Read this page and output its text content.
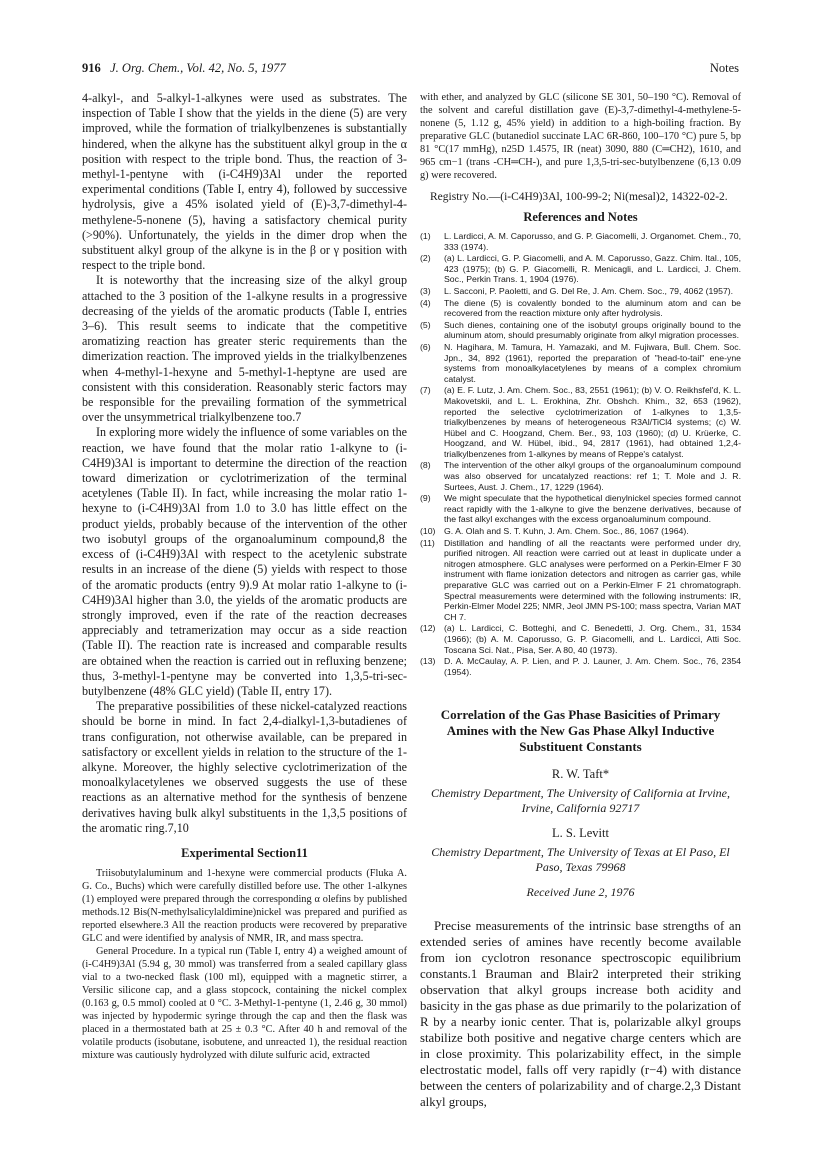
916 J. Org. Chem., Vol. 42, No. 5, 1977	Notes

4-alkyl-, and 5-alkyl-1-alkynes were used as substrates. The inspection of Table I show that the yields in the diene (5) are very improved, while the formation of trialkylbenzenes is substantially hindered, when the alkyne has the substituent alkyl group in the α position with respect to the triple bond. Thus, the reaction of 3-methyl-1-pentyne with (i-C4H9)3Al under the reported experimental conditions (Table I, entry 4), followed by successive hydrolysis, give a 45% isolated yield of (E)-3,7-dimethyl-4-methylene-5-nonene (5), having a satisfactory chemical purity (>90%). Unfortunately, the yields in the dimer drop when the substituent alkyl group of the alkyne is in the β or γ position with respect to the triple bond.

It is noteworthy that the increasing size of the alkyl group attached to the 3 position of the 1-alkyne results in a progressive decreasing of the yields of the aromatic products (Table I, entries 3–6). This result seems to indicate that the competitive aromatizing reaction has greater steric requirements than the dimerization reaction. The improved yields in the trialkylbenzenes when 4-methyl-1-hexyne and 5-methyl-1-heptyne are used are consistent with this consideration. Reasonably steric factors may be responsible for the prevailing formation of the symmetrical over the unsymmetrical trialkylbenzene too.7

In exploring more widely the influence of some variables on the reaction, we have found that the molar ratio 1-alkyne to (i-C4H9)3Al is important to determine the direction of the reaction toward dimerization or cyclotrimerization of the terminal acetylenes (Table II). In fact, while increasing the molar ratio 1-hexyne to (i-C4H9)3Al from 1.0 to 3.0 has little effect on the product yields, probably because of the intervention of the other two isobutyl groups of the organoaluminum compound,8 the excess of (i-C4H9)3Al with respect to the acetylenic substrate results in an increase of the diene (5) yields with respect to those of the aromatic products (entry 9).9 At molar ratio 1-alkyne to (i-C4H9)3Al higher than 3.0, the yields of the aromatic products are strongly improved, even if the rate of the reaction decreases appreciably and tetramerization may occur as a side reaction (Table II). The reaction rate is increased and comparable results are obtained when the reaction is carried out in refluxing benzene; thus, 3-methyl-1-pentyne may be converted into 1,3,5-tri-sec-butylbenzene (48% GLC yield) (Table II, entry 17).

The preparative possibilities of these nickel-catalyzed reactions should be borne in mind. In fact 2,4-dialkyl-1,3-butadienes of trans configuration, not otherwise available, can be prepared in satisfactory or excellent yields in relation to the structure of the 1-alkyne. Moreover, the highly selective cyclotrimerization of the monoalkylacetylenes we observed suggests the use of these reactions as an alternative method for the synthesis of benzene derivatives having bulk alkyl substituents in the 1,3,5 positions of the aromatic ring.7,10

Experimental Section11

Triisobutylaluminum and 1-hexyne were commercial products (Fluka A. G. Co., Buchs) which were carefully distilled before use. The other 1-alkynes (1) employed were prepared through the corresponding α olefins by published methods.12 Bis(N-methylsalicylaldimine)nickel was prepared and purified as reported elsewhere.3 All the reaction products were recovered by preparative GLC and were identified by analysis of NMR, IR, and mass spectra.

General Procedure. In a typical run (Table I, entry 4) a weighed amount of (i-C4H9)3Al (5.94 g, 30 mmol) was transferred from a sealed capillary glass vial to a two-necked flask (100 ml), equipped with a magnetic stirrer, a Versilic silicone cap, and a glass stopcock, containing the nickel complex (0.163 g, 0.5 mmol) cooled at 0 °C. 3-Methyl-1-pentyne (1, 2.46 g, 30 mmol) was injected by hypodermic syringe through the cap and then the flask was placed in a thermostated bath at 25 ± 0.3 °C. After 40 h and removal of the volatile products (isobutane, isobutene, and unreacted 1), the residual reaction mixture was cautiously hydrolyzed with dilute sulfuric acid, extracted

with ether, and analyzed by GLC (silicone SE 301, 50–190 °C). Removal of the solvent and careful distillation gave (E)-3,7-dimethyl-4-methylene-5-nonene (5, 1.12 g, 45% yield) in addition to a high-boiling fraction. By preparative GLC (butanediol succinate LAC 6R-860, 100–170 °C) pure 5, bp 81 °C(17 mmHg), n25D 1.4575, IR (neat) 3090, 880 (C═CH2), 1610, and 965 cm−1 (trans -CH═CH-), and pure 1,3,5-tri-sec-butylbenzene (6,13 0.09 g) were recovered.

Registry No.—(i-C4H9)3Al, 100-99-2; Ni(mesal)2, 14322-02-2.

References and Notes
(1)	L. Lardicci, A. M. Caporusso, and G. P. Giacomelli, J. Organomet. Chem., 70, 333 (1974).
(2)	(a) L. Lardicci, G. P. Giacomelli, and A. M. Caporusso, Gazz. Chim. Ital., 105, 423 (1975); (b) G. P. Giacomelli, R. Menicagli, and L. Lardicci, J. Chem. Soc., Perkin Trans. 1, 1904 (1976).
(3)	L. Sacconi, P. Paoletti, and G. Del Re, J. Am. Chem. Soc., 79, 4062 (1957).
(4)	The diene (5) is covalently bonded to the aluminum atom and can be recovered from the reaction mixture only after hydrolysis.
(5)	Such dienes, containing one of the isobutyl groups originally bound to the aluminum atom, should presumably originate from alkyl migration processes.
(6)	N. Hagihara, M. Tamura, H. Yamazaki, and M. Fujiwara, Bull. Chem. Soc. Jpn., 34, 892 (1961), reported the preparation of "head-to-tail" ene-yne systems from monoalkylacetylenes by means of a complex chromium catalyst.
(7)	(a) E. F. Lutz, J. Am. Chem. Soc., 83, 2551 (1961); (b) V. O. Reikhsfel'd, K. L. Makovetskii, and L. L. Erokhina, Zhr. Obshch. Khim., 32, 653 (1962), reported the selective cyclotrimerization of 1-alkynes to 1,3,5-trialkylbenzenes by means of heterogeneous R3Al/TiCl4 systems; (c) W. Hübel and C. Hoogzand, Chem. Ber., 93, 103 (1960); (d) U. Krüerke, C. Hoogzand, and W. Hübel, ibid., 94, 2817 (1961), had obtained 1,2,4-trialkylbenzenes from 1-alkynes by means of Reppe's catalyst.
(8)	The intervention of the other alkyl groups of the organoaluminum compound was also observed for uncatalyzed reactions: ref 1; T. Mole and J. R. Surtees, Aust. J. Chem., 17, 1229 (1964).
(9)	We might speculate that the hypothetical dienylnickel species formed cannot react rapidly with the 1-alkyne to give the benzene derivatives, because of the fast alkyl exchanges with the excess organoaluminum compound.
(10) G. A. Olah and S. T. Kuhn, J. Am. Chem. Soc., 86, 1067 (1964).
(11)	Distillation and handling of all the reactants were performed under dry, purified nitrogen. All reaction were carried out at least in duplicate under a nitrogen atmosphere. GLC analyses were performed on a Perkin-Elmer F 30 instrument with flame ionization detectors and nitrogen as carrier gas, while preparative GLC was carried out on a Perkin-Elmer F 21 chromatograph. Spectral measurements were determined with the following instruments: IR, Perkin-Elmer Model 225; NMR, Jeol JMN PS-100; mass spectra, Varian MAT CH 7.
(12) (a) L. Lardicci, C. Botteghi, and C. Benedetti, J. Org. Chem., 31, 1534 (1966); (b) A. M. Caporusso, G. P. Giacomelli, and L. Lardicci, Atti Soc. Toscana Sci. Nat., Pisa, Ser. A 80, 40 (1973).
(13) D. A. McCaulay, A. P. Lien, and P. J. Launer, J. Am. Chem. Soc., 76, 2354 (1954).
Correlation of the Gas Phase Basicities of Primary Amines with the New Gas Phase Alkyl Inductive Substituent Constants
R. W. Taft*
Chemistry Department, The University of California at Irvine, Irvine, California 92717
L. S. Levitt
Chemistry Department, The University of Texas at El Paso, El Paso, Texas 79968
Received June 2, 1976

Precise measurements of the intrinsic base strengths of an extended series of amines have recently become available from ion cyclotron resonance spectroscopic equilibrium constants.1 Brauman and Blair2 interpreted their striking observation that alkyl groups increase both acidity and basicity in the gas phase as due primarily to the polarization of R by a nearby ionic center. That is, polarizable alkyl groups stabilize both positive and negative charge centers which are in close proximity. This polarizability effect, in the simple electrostatic model, falls off very rapidly (r−4) with distance between the centers of polarizability and of charge.2,3 Distant alkyl groups,
